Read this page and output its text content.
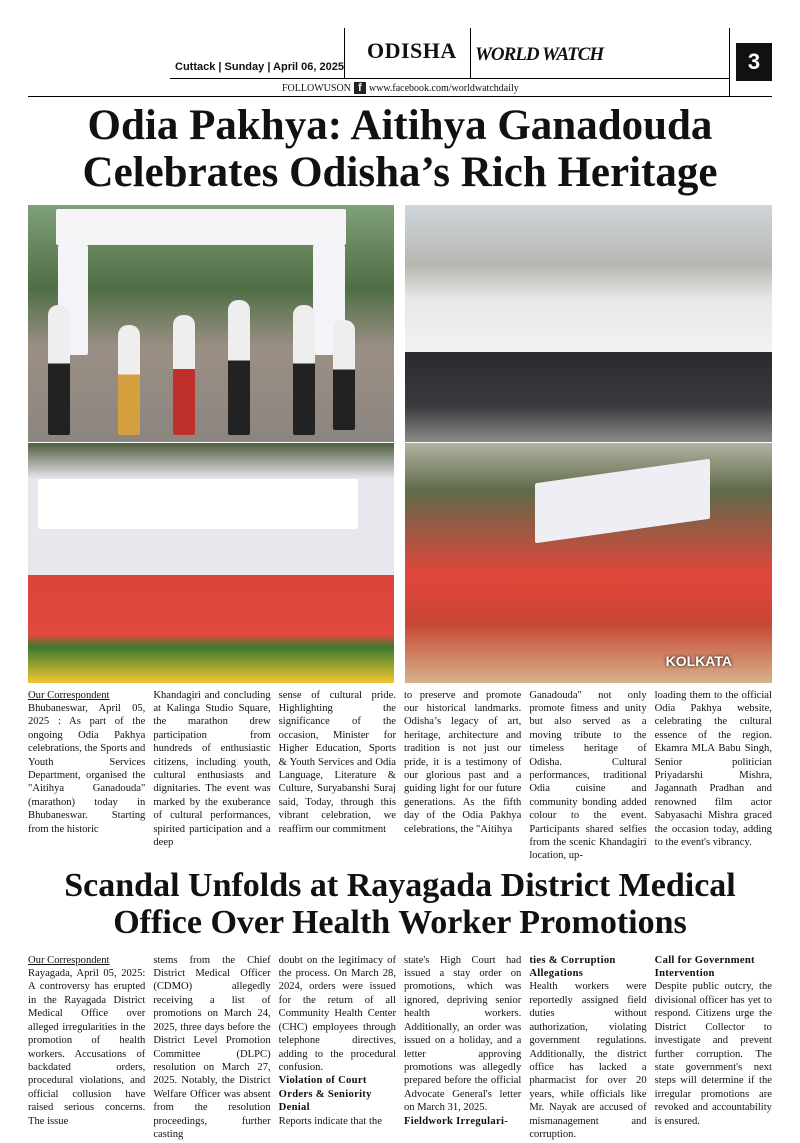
Cuttack | Sunday | April 06, 2025
ODISHA WORLD WATCH
FOLLOWUSON f www.facebook.com/worldwatchdaily
3
Odia Pakhya: Aitihya Ganadouda Celebrates Odisha’s Rich Heritage
KOLKATA
Our Correspondent
Bhubaneswar, April 05, 2025 : As part of the ongoing Odia Pakhya celebrations, the Sports and Youth Services Department, organised the "Aitihya Ganadouda" (marathon) today in Bhubaneswar. Starting from the historic
Khandagiri and concluding at Kalinga Studio Square, the marathon drew participation from hundreds of enthusiastic citizens, including youth, cultural enthusiasts and dignitaries. The event was marked by the exuberance of cultural performances, spirited participation and a deep
sense of cultural pride. Highlighting the significance of the occasion, Minister for Higher Education, Sports & Youth Services and Odia Language, Literature & Culture, Suryabanshi Suraj said, Today, through this vibrant celebration, we reaffirm our commitment
to preserve and promote our historical landmarks. Odisha’s legacy of art, heritage, architecture and tradition is not just our pride, it is a testimony of our glorious past and a guiding light for our future generations. As the fifth day of the Odia Pakhya celebrations, the "Aitihya
Ganadouda" not only promote fitness and unity but also served as a moving tribute to the timeless heritage of Odisha. Cultural performances, traditional Odia cuisine and community bonding added colour to the event. Participants shared selfies from the scenic Khandagiri location, up-
loading them to the official Odia Pakhya website, celebrating the cultural essence of the region. Ekamra MLA Babu Singh, Senior politician Priyadarshi Mishra, Jagannath Pradhan and renowned film actor Sabyasachi Mishra graced the occasion today, adding to the event's vibrancy.
Scandal Unfolds at Rayagada District Medical Office Over Health Worker Promotions
Our Correspondent
Rayagada, April 05, 2025: A controversy has erupted in the Rayagada District Medical Office over alleged irregularities in the promotion of health workers. Accusations of backdated orders, procedural violations, and official collusion have raised serious concerns. The issue
stems from the Chief District Medical Officer (CDMO) allegedly receiving a list of promotions on March 24, 2025, three days before the District Level Promotion Committee (DLPC) resolution on March 27, 2025. Notably, the District Welfare Officer was absent from the resolution proceedings, further casting
doubt on the legitimacy of the process. On March 28, 2024, orders were issued for the return of all Community Health Center (CHC) employees through telephone directives, adding to the procedural confusion.
Violation of Court Orders & Seniority Denial
Reports indicate that the
state's High Court had issued a stay order on promotions, which was ignored, depriving senior health workers. Additionally, an order was issued on a holiday, and a letter approving promotions was allegedly prepared before the official Advocate General's letter on March 31, 2025.
Fieldwork Irregulari-
ties & Corruption Allegations
Health workers were reportedly assigned field duties without authorization, violating government regulations. Additionally, the district office has lacked a pharmacist for over 20 years, while officials like Mr. Nayak are accused of mismanagement and corruption.
Call for Government Intervention
Despite public outcry, the divisional officer has yet to respond. Citizens urge the District Collector to investigate and prevent further corruption. The state government's next steps will determine if the irregular promotions are revoked and accountability is ensured.
